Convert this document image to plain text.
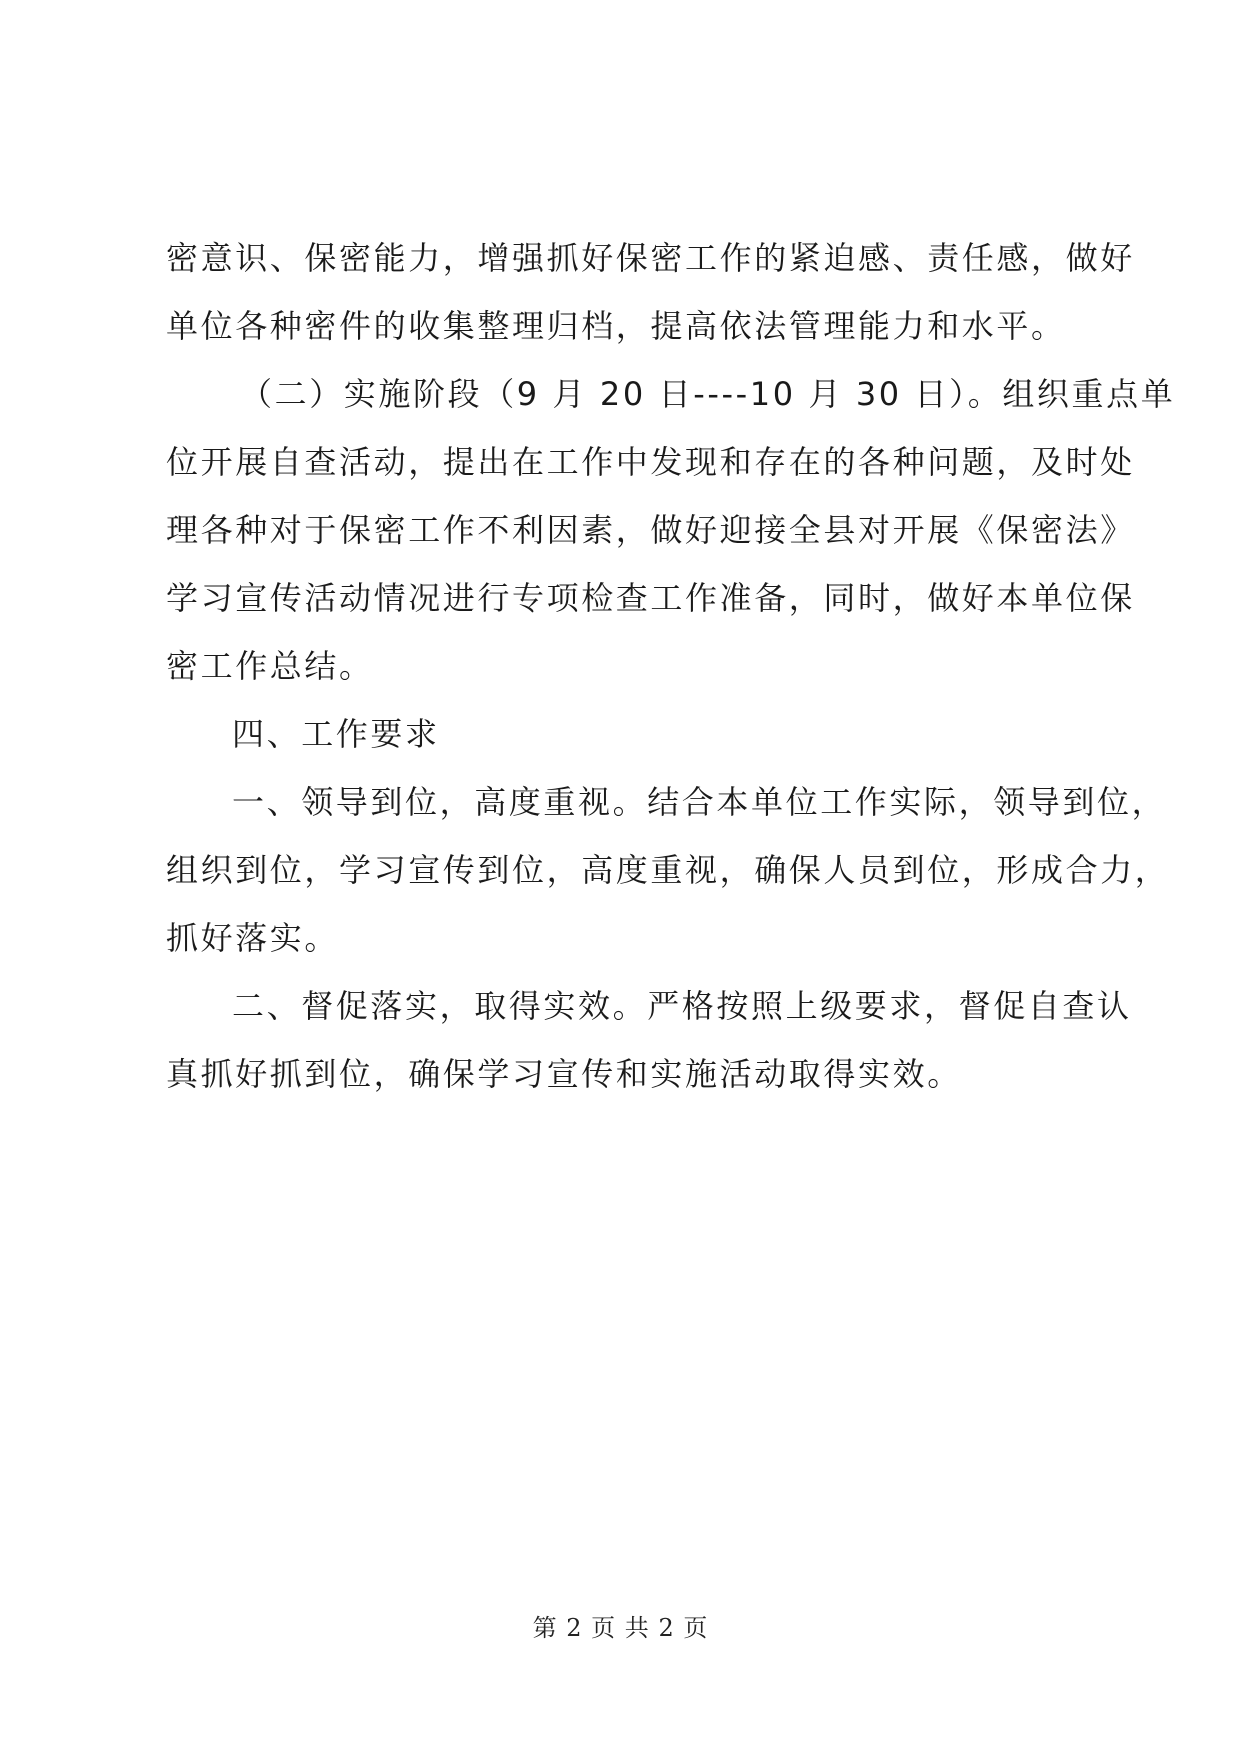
密意识、保密能力，增强抓好保密工作的紧迫感、责任感，做好
单位各种密件的收集整理归档，提高依法管理能力和水平。
（二）实施阶段（9 月 20 日----10 月 30 日）。组织重点单
位开展自查活动，提出在工作中发现和存在的各种问题，及时处
理各种对于保密工作不利因素，做好迎接全县对开展《保密法》
学习宣传活动情况进行专项检查工作准备，同时，做好本单位保
密工作总结。
四、工作要求
一、领导到位，高度重视。结合本单位工作实际，领导到位，
组织到位，学习宣传到位，高度重视，确保人员到位，形成合力，
抓好落实。
二、督促落实，取得实效。严格按照上级要求，督促自查认
真抓好抓到位，确保学习宣传和实施活动取得实效。
第 2 页 共 2 页
